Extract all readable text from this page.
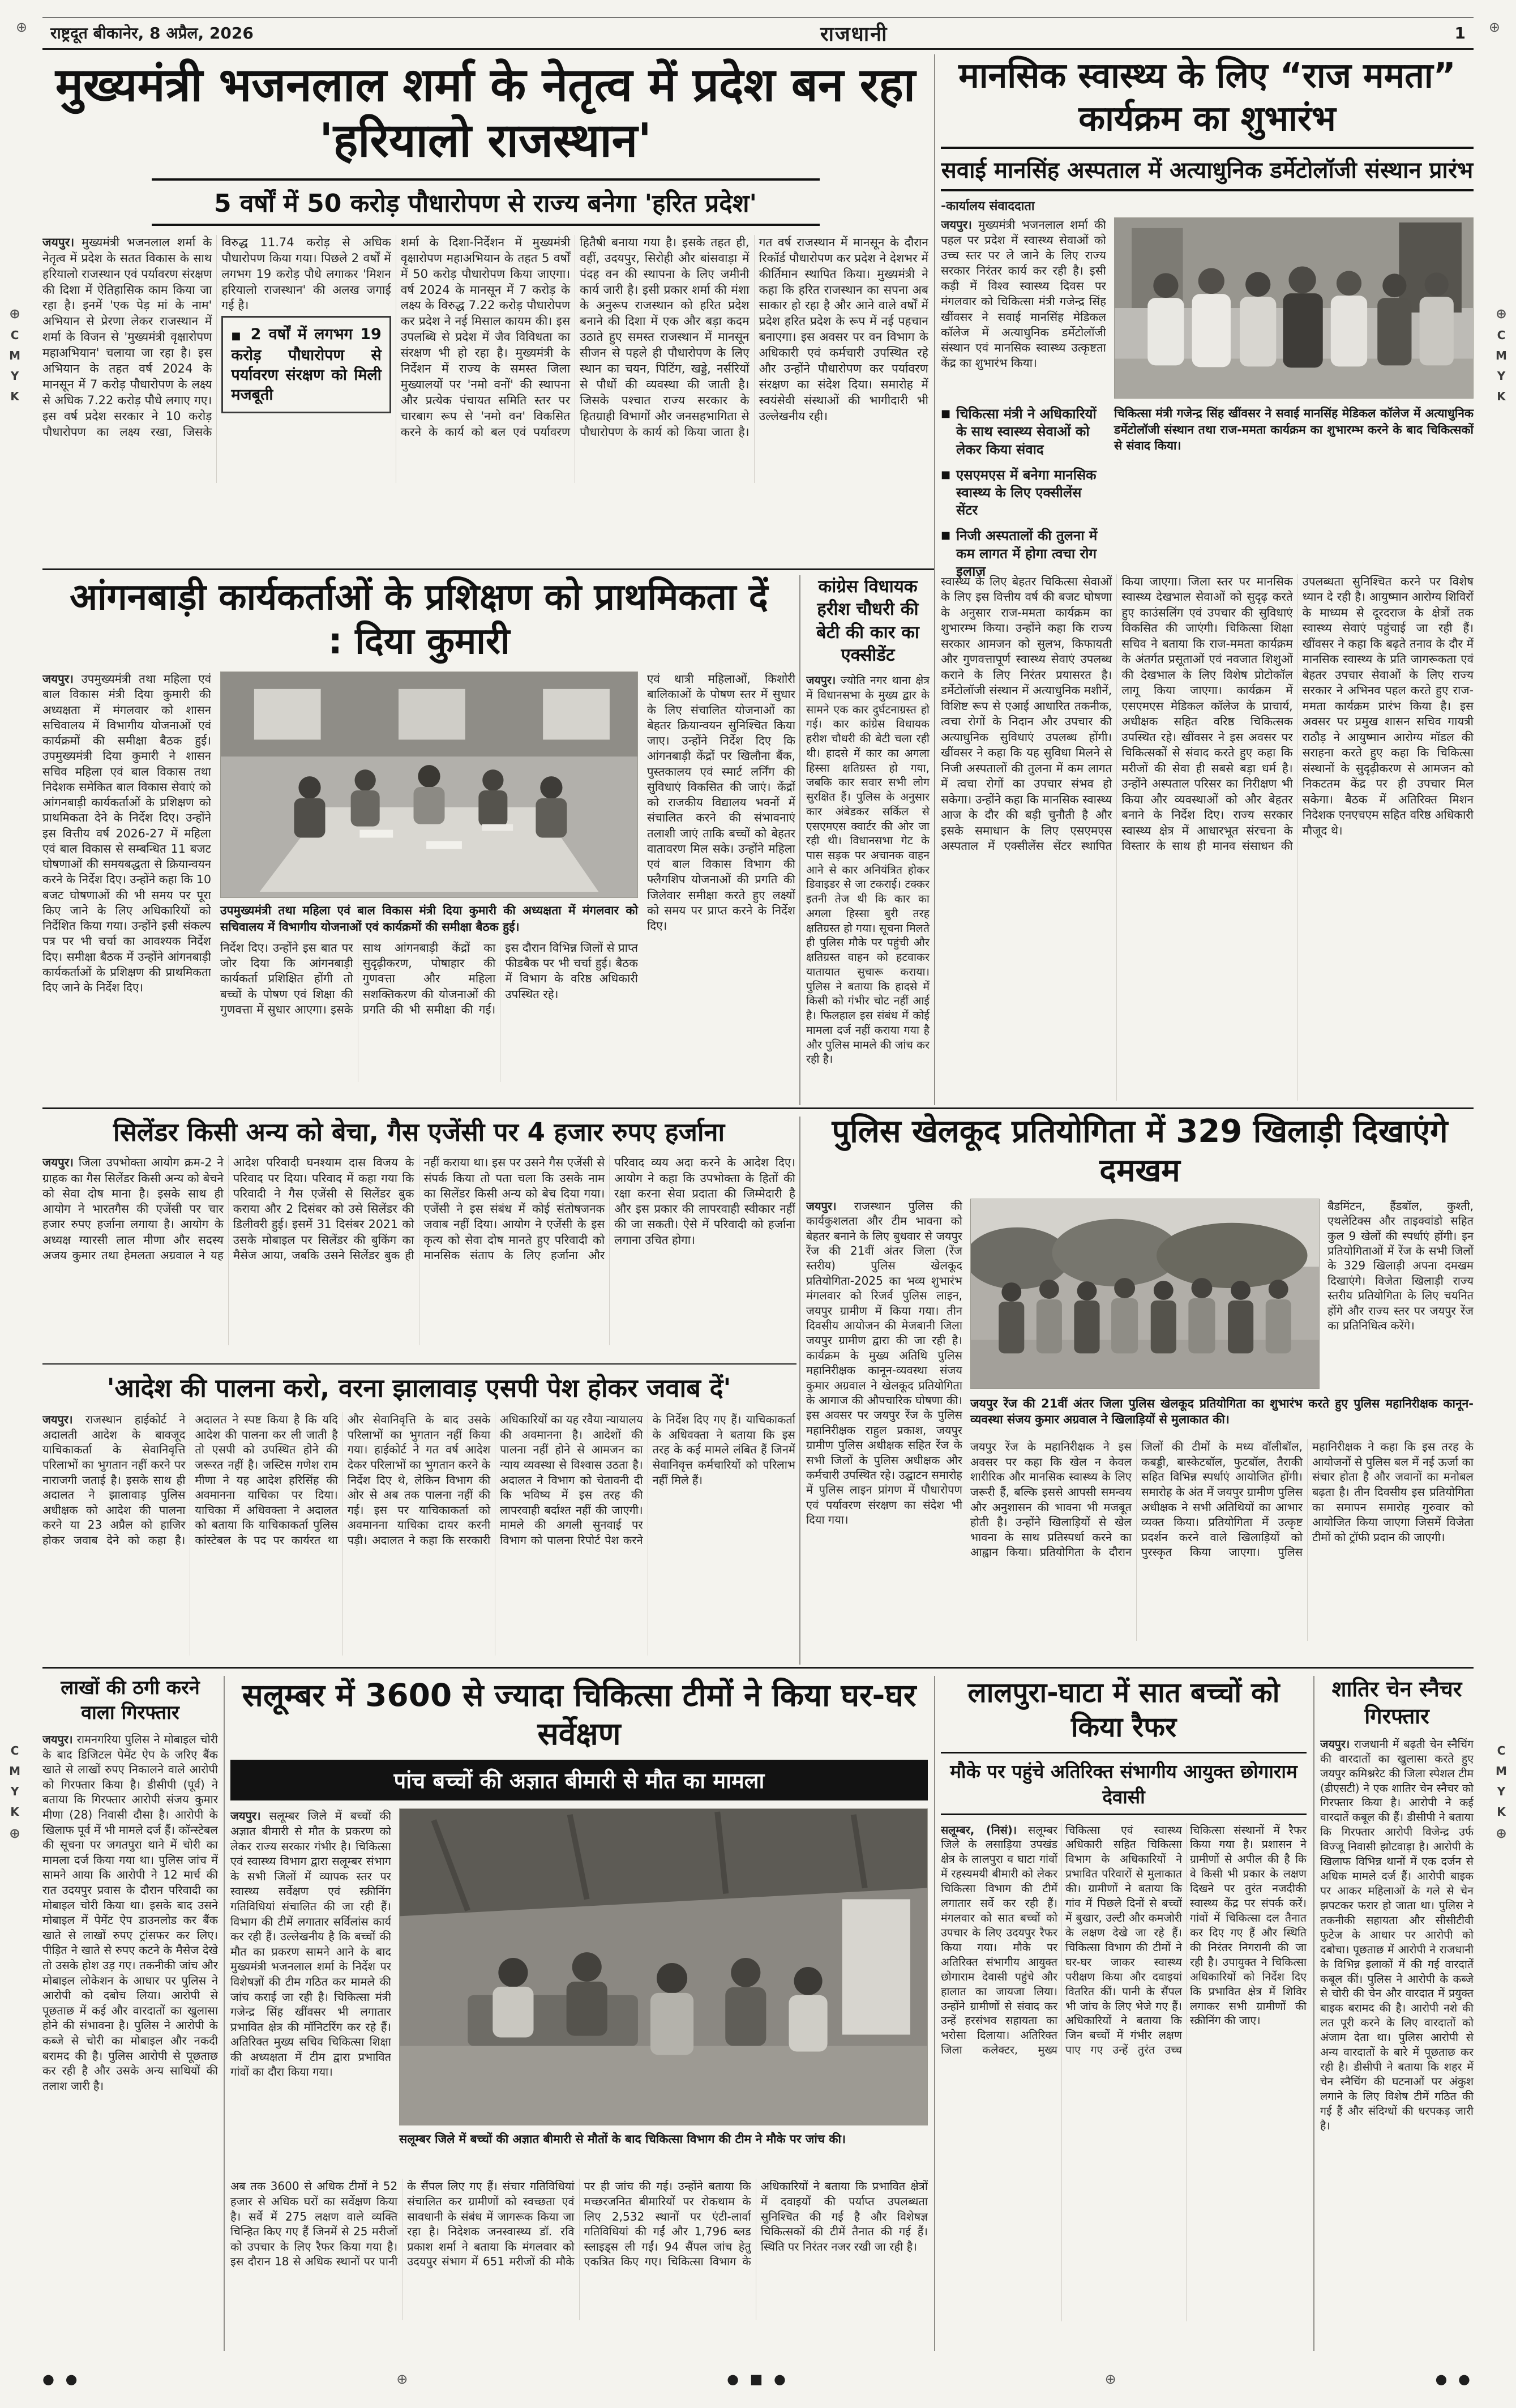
⊕	⊕
राष्ट्रदूत बीकानेर, 8 अप्रैल, 2026	राजधानी	1
मुख्यमंत्री भजनलाल शर्मा के नेतृत्व में प्रदेश बन रहा 'हरियालो राजस्थान'
5 वर्षों में 50 करोड़ पौधारोपण से राज्य बनेगा 'हरित प्रदेश'
जयपुर। मुख्यमंत्री भजनलाल शर्मा के नेतृत्व में प्रदेश के सतत विकास के साथ हरियालो राजस्थान एवं पर्यावरण संरक्षण की दिशा में ऐतिहासिक काम किया जा रहा है। इनमें 'एक पेड़ मां के नाम' अभियान से प्रेरणा लेकर राजस्थान में शर्मा के विजन से 'मुख्यमंत्री वृक्षारोपण महाअभियान' चलाया जा रहा है। इस अभियान के तहत वर्ष 2024 के मानसून में 7 करोड़ पौधारोपण के लक्ष्य से अधिक 7.22 करोड़ पौधे लगाए गए। इस वर्ष प्रदेश सरकार ने 10 करोड़ पौधारोपण का लक्ष्य रखा, जिसके विरुद्ध 11.74 करोड़ से अधिक पौधारोपण किया गया। पिछले 2 वर्षों में लगभग 19 करोड़ पौधे लगाकर 'मिशन हरियालो राजस्थान' की अलख जगाई गई है।
■ 2 वर्षों में लगभग 19 करोड़ पौधारोपण से पर्यावरण संरक्षण को मिली मजबूती
शर्मा के दिशा-निर्देशन में मुख्यमंत्री वृक्षारोपण महाअभियान के तहत 5 वर्षों में 50 करोड़ पौधारोपण किया जाएगा। वर्ष 2024 के मानसून में 7 करोड़ के लक्ष्य के विरुद्ध 7.22 करोड़ पौधारोपण कर प्रदेश ने नई मिसाल कायम की। इस उपलब्धि से प्रदेश में जैव विविधता का संरक्षण भी हो रहा है। मुख्यमंत्री के निर्देशन में राज्य के समस्त जिला मुख्यालयों पर 'नमो वनों' की स्थापना और प्रत्येक पंचायत समिति स्तर पर चारबाग रूप से 'नमो वन' विकसित करने के कार्य को बल एवं पर्यावरण हितैषी बनाया गया है। इसके तहत ही, वहीं, उदयपुर, सिरोही और बांसवाड़ा में पंदह वन की स्थापना के लिए जमीनी कार्य जारी है। इसी प्रकार शर्मा की मंशा के अनुरूप राजस्थान को हरित प्रदेश बनाने की दिशा में एक और बड़ा कदम उठाते हुए समस्त राजस्थान में मानसून सीजन से पहले ही पौधारोपण के लिए स्थान का चयन, पिटिंग, खड्डे, नर्सरियों से पौधों की व्यवस्था की जाती है। जिसके पश्चात राज्य सरकार के हितग्राही विभागों और जनसहभागिता से पौधारोपण के कार्य को किया जाता है। गत वर्ष राजस्थान में मानसून के दौरान रिकॉर्ड पौधारोपण कर प्रदेश ने देशभर में कीर्तिमान स्थापित किया। मुख्यमंत्री ने कहा कि हरित राजस्थान का सपना अब साकार हो रहा है और आने वाले वर्षों में प्रदेश हरित प्रदेश के रूप में नई पहचान बनाएगा। इस अवसर पर वन विभाग के अधिकारी एवं कर्मचारी उपस्थित रहे और उन्होंने पौधारोपण कर पर्यावरण संरक्षण का संदेश दिया। समारोह में स्वयंसेवी संस्थाओं की भागीदारी भी उल्लेखनीय रही।
मानसिक स्वास्थ्य के लिए “राज ममता” कार्यक्रम का शुभारंभ
सवाई मानसिंह अस्पताल में अत्याधुनिक डर्मेटोलॉजी संस्थान प्रारंभ
-कार्यालय संवाददाता
जयपुर। मुख्यमंत्री भजनलाल शर्मा की पहल पर प्रदेश में स्वास्थ्य सेवाओं को उच्च स्तर पर ले जाने के लिए राज्य सरकार निरंतर कार्य कर रही है। इसी कड़ी में विश्व स्वास्थ्य दिवस पर मंगलवार को चिकित्सा मंत्री गजेन्द्र सिंह खींवसर ने सवाई मानसिंह मेडिकल कॉलेज में अत्याधुनिक डर्मेटोलॉजी संस्थान एवं मानसिक स्वास्थ्य उत्कृष्टता केंद्र का शुभारंभ किया।
■ चिकित्सा मंत्री ने अधिकारियों के साथ स्वास्थ्य सेवाओं को लेकर किया संवाद
■ एसएमएस में बनेगा मानसिक स्वास्थ्य के लिए एक्सीलेंस सेंटर
■ निजी अस्पतालों की तुलना में कम लागत में होगा त्वचा रोग इलाज
चिकित्सा मंत्री गजेन्द्र सिंह खींवसर ने सवाई मानसिंह मेडिकल कॉलेज में अत्याधुनिक डर्मेटोलॉजी संस्थान तथा राज-ममता कार्यक्रम का शुभारम्भ करने के बाद चिकित्सकों से संवाद किया।
स्वास्थ्य के लिए बेहतर चिकित्सा सेवाओं के लिए इस वित्तीय वर्ष की बजट घोषणा के अनुसार राज-ममता कार्यक्रम का शुभारम्भ किया। उन्होंने कहा कि राज्य सरकार आमजन को सुलभ, किफायती और गुणवत्तापूर्ण स्वास्थ्य सेवाएं उपलब्ध कराने के लिए निरंतर प्रयासरत है। डर्मेटोलॉजी संस्थान में अत्याधुनिक मशीनें, विशिष्ट रूप से एआई आधारित तकनीक, त्वचा रोगों के निदान और उपचार की अत्याधुनिक सुविधाएं उपलब्ध होंगी। खींवसर ने कहा कि यह सुविधा मिलने से निजी अस्पतालों की तुलना में कम लागत में त्वचा रोगों का उपचार संभव हो सकेगा। उन्होंने कहा कि मानसिक स्वास्थ्य आज के दौर की बड़ी चुनौती है और इसके समाधान के लिए एसएमएस अस्पताल में एक्सीलेंस सेंटर स्थापित किया जाएगा। जिला स्तर पर मानसिक स्वास्थ्य देखभाल सेवाओं को सुदृढ़ करते हुए काउंसलिंग एवं उपचार की सुविधाएं विकसित की जाएंगी। चिकित्सा शिक्षा सचिव ने बताया कि राज-ममता कार्यक्रम के अंतर्गत प्रसूताओं एवं नवजात शिशुओं की देखभाल के लिए विशेष प्रोटोकॉल लागू किया जाएगा। कार्यक्रम में एसएमएस मेडिकल कॉलेज के प्राचार्य, अधीक्षक सहित वरिष्ठ चिकित्सक उपस्थित रहे। खींवसर ने इस अवसर पर चिकित्सकों से संवाद करते हुए कहा कि मरीजों की सेवा ही सबसे बड़ा धर्म है। उन्होंने अस्पताल परिसर का निरीक्षण भी किया और व्यवस्थाओं को और बेहतर बनाने के निर्देश दिए। राज्य सरकार स्वास्थ्य क्षेत्र में आधारभूत संरचना के विस्तार के साथ ही मानव संसाधन की उपलब्धता सुनिश्चित करने पर विशेष ध्यान दे रही है। आयुष्मान आरोग्य शिविरों के माध्यम से दूरदराज के क्षेत्रों तक स्वास्थ्य सेवाएं पहुंचाई जा रही हैं। खींवसर ने कहा कि बढ़ते तनाव के दौर में मानसिक स्वास्थ्य के प्रति जागरूकता एवं बेहतर उपचार सेवाओं के लिए राज्य सरकार ने अभिनव पहल करते हुए राज-ममता कार्यक्रम प्रारंभ किया है। इस अवसर पर प्रमुख शासन सचिव गायत्री राठौड़ ने आयुष्मान आरोग्य मॉडल की सराहना करते हुए कहा कि चिकित्सा संस्थानों के सुदृढ़ीकरण से आमजन को निकटतम केंद्र पर ही उपचार मिल सकेगा। बैठक में अतिरिक्त मिशन निदेशक एनएचएम सहित वरिष्ठ अधिकारी मौजूद थे।
आंगनबाड़ी कार्यकर्ताओं के प्रशिक्षण को प्राथमिकता दें : दिया कुमारी
जयपुर। उपमुख्यमंत्री तथा महिला एवं बाल विकास मंत्री दिया कुमारी की अध्यक्षता में मंगलवार को शासन सचिवालय में विभागीय योजनाओं एवं कार्यक्रमों की समीक्षा बैठक हुई। उपमुख्यमंत्री दिया कुमारी ने शासन सचिव महिला एवं बाल विकास तथा निदेशक समेकित बाल विकास सेवाएं को आंगनबाड़ी कार्यकर्ताओं के प्रशिक्षण को प्राथमिकता देने के निर्देश दिए। उन्होंने इस वित्तीय वर्ष 2026-27 में महिला एवं बाल विकास से सम्बन्धित 11 बजट घोषणाओं की समयबद्धता से क्रियान्वयन करने के निर्देश दिए। उन्होंने कहा कि 10 बजट घोषणाओं की भी समय पर पूरा किए जाने के लिए अधिकारियों को निर्देशित किया गया। उन्होंने इसी संकल्प पत्र पर भी चर्चा का आवश्यक निर्देश दिए। समीक्षा बैठक में उन्होंने आंगनबाड़ी कार्यकर्ताओं के प्रशिक्षण की प्राथमिकता दिए जाने के निर्देश दिए।
उपमुख्यमंत्री तथा महिला एवं बाल विकास मंत्री दिया कुमारी की अध्यक्षता में मंगलवार को सचिवालय में विभागीय योजनाओं एवं कार्यक्रमों की समीक्षा बैठक हुई।
निर्देश दिए। उन्होंने इस बात पर जोर दिया कि आंगनबाड़ी कार्यकर्ता प्रशिक्षित होंगी तो बच्चों के पोषण एवं शिक्षा की गुणवत्ता में सुधार आएगा। इसके साथ आंगनबाड़ी केंद्रों का सुदृढ़ीकरण, पोषाहार की गुणवत्ता और महिला सशक्तिकरण की योजनाओं की प्रगति की भी समीक्षा की गई। इस दौरान विभिन्न जिलों से प्राप्त फीडबैक पर भी चर्चा हुई। बैठक में विभाग के वरिष्ठ अधिकारी उपस्थित रहे।
एवं धात्री महिलाओं, किशोरी बालिकाओं के पोषण स्तर में सुधार के लिए संचालित योजनाओं का बेहतर क्रियान्वयन सुनिश्चित किया जाए। उन्होंने निर्देश दिए कि आंगनबाड़ी केंद्रों पर खिलौना बैंक, पुस्तकालय एवं स्मार्ट लर्निंग की सुविधाएं विकसित की जाएं। केंद्रों को राजकीय विद्यालय भवनों में संचालित करने की संभावनाएं तलाशी जाएं ताकि बच्चों को बेहतर वातावरण मिल सके। उन्होंने महिला एवं बाल विकास विभाग की फ्लैगशिप योजनाओं की प्रगति की जिलेवार समीक्षा करते हुए लक्ष्यों को समय पर प्राप्त करने के निर्देश दिए।
कांग्रेस विधायक हरीश चौधरी की बेटी की कार का एक्सीडेंट
जयपुर। ज्योति नगर थाना क्षेत्र में विधानसभा के मुख्य द्वार के सामने एक कार दुर्घटनाग्रस्त हो गई। कार कांग्रेस विधायक हरीश चौधरी की बेटी चला रही थी। हादसे में कार का अगला हिस्सा क्षतिग्रस्त हो गया, जबकि कार सवार सभी लोग सुरक्षित हैं। पुलिस के अनुसार कार अंबेडकर सर्किल से एसएमएस क्वार्टर की ओर जा रही थी। विधानसभा गेट के पास सड़क पर अचानक वाहन आने से कार अनियंत्रित होकर डिवाइडर से जा टकराई। टक्कर इतनी तेज थी कि कार का अगला हिस्सा बुरी तरह क्षतिग्रस्त हो गया। सूचना मिलते ही पुलिस मौके पर पहुंची और क्षतिग्रस्त वाहन को हटवाकर यातायात सुचारू कराया। पुलिस ने बताया कि हादसे में किसी को गंभीर चोट नहीं आई है। फिलहाल इस संबंध में कोई मामला दर्ज नहीं कराया गया है और पुलिस मामले की जांच कर रही है।
सिलेंडर किसी अन्य को बेचा, गैस एजेंसी पर 4 हजार रुपए हर्जाना
जयपुर। जिला उपभोक्ता आयोग क्रम-2 ने ग्राहक का गैस सिलेंडर किसी अन्य को बेचने को सेवा दोष माना है। इसके साथ ही आयोग ने भारतगैस की एजेंसी पर चार हजार रुपए हर्जाना लगाया है। आयोग के अध्यक्ष ग्यारसी लाल मीणा और सदस्य अजय कुमार तथा हेमलता अग्रवाल ने यह आदेश परिवादी घनश्याम दास विजय के परिवाद पर दिया। परिवाद में कहा गया कि परिवादी ने गैस एजेंसी से सिलेंडर बुक कराया और 2 दिसंबर को उसे सिलेंडर की डिलीवरी हुई। इसमें 31 दिसंबर 2021 को उसके मोबाइल पर सिलेंडर की बुकिंग का मैसेज आया, जबकि उसने सिलेंडर बुक ही नहीं कराया था। इस पर उसने गैस एजेंसी से संपर्क किया तो पता चला कि उसके नाम का सिलेंडर किसी अन्य को बेच दिया गया। एजेंसी ने इस संबंध में कोई संतोषजनक जवाब नहीं दिया। आयोग ने एजेंसी के इस कृत्य को सेवा दोष मानते हुए परिवादी को मानसिक संताप के लिए हर्जाना और परिवाद व्यय अदा करने के आदेश दिए। आयोग ने कहा कि उपभोक्ता के हितों की रक्षा करना सेवा प्रदाता की जिम्मेदारी है और इस प्रकार की लापरवाही स्वीकार नहीं की जा सकती। ऐसे में परिवादी को हर्जाना लगाना उचित होगा।
'आदेश की पालना करो, वरना झालावाड़ एसपी पेश होकर जवाब दें'
जयपुर। राजस्थान हाईकोर्ट ने अदालती आदेश के बावजूद याचिकाकर्ता के सेवानिवृत्ति परिलाभों का भुगतान नहीं करने पर नाराजगी जताई है। इसके साथ ही अदालत ने झालावाड़ पुलिस अधीक्षक को आदेश की पालना करने या 23 अप्रैल को हाजिर होकर जवाब देने को कहा है। अदालत ने स्पष्ट किया है कि यदि आदेश की पालना कर ली जाती है तो एसपी को उपस्थित होने की जरूरत नहीं है। जस्टिस गणेश राम मीणा ने यह आदेश हरिसिंह की अवमानना याचिका पर दिया। याचिका में अधिवक्ता ने अदालत को बताया कि याचिकाकर्ता पुलिस कांस्टेबल के पद पर कार्यरत था और सेवानिवृत्ति के बाद उसके परिलाभों का भुगतान नहीं किया गया। हाईकोर्ट ने गत वर्ष आदेश देकर परिलाभों का भुगतान करने के निर्देश दिए थे, लेकिन विभाग की ओर से अब तक पालना नहीं की गई। इस पर याचिकाकर्ता को अवमानना याचिका दायर करनी पड़ी। अदालत ने कहा कि सरकारी अधिकारियों का यह रवैया न्यायालय की अवमानना है। आदेशों की पालना नहीं होने से आमजन का न्याय व्यवस्था से विश्वास उठता है। अदालत ने विभाग को चेतावनी दी कि भविष्य में इस तरह की लापरवाही बर्दाश्त नहीं की जाएगी। मामले की अगली सुनवाई पर विभाग को पालना रिपोर्ट पेश करने के निर्देश दिए गए हैं। याचिकाकर्ता के अधिवक्ता ने बताया कि इस तरह के कई मामले लंबित हैं जिनमें सेवानिवृत्त कर्मचारियों को परिलाभ नहीं मिले हैं।
पुलिस खेलकूद प्रतियोगिता में 329 खिलाड़ी दिखाएंगे दमखम
जयपुर। राजस्थान पुलिस की कार्यकुशलता और टीम भावना को बेहतर बनाने के लिए बुधवार से जयपुर रेंज की 21वीं अंतर जिला (रेंज स्तरीय) पुलिस खेलकूद प्रतियोगिता-2025 का भव्य शुभारंभ मंगलवार को रिजर्व पुलिस लाइन, जयपुर ग्रामीण में किया गया। तीन दिवसीय आयोजन की मेजबानी जिला जयपुर ग्रामीण द्वारा की जा रही है। कार्यक्रम के मुख्य अतिथि पुलिस महानिरीक्षक कानून-व्यवस्था संजय कुमार अग्रवाल ने खेलकूद प्रतियोगिता के आगाज की औपचारिक घोषणा की। इस अवसर पर जयपुर रेंज के पुलिस महानिरीक्षक राहुल प्रकाश, जयपुर ग्रामीण पुलिस अधीक्षक सहित रेंज के सभी जिलों के पुलिस अधीक्षक और कर्मचारी उपस्थित रहे। उद्घाटन समारोह में पुलिस लाइन प्रांगण में पौधारोपण एवं पर्यावरण संरक्षण का संदेश भी दिया गया।
बैडमिंटन, हैंडबॉल, कुश्ती, एथलेटिक्स और ताइक्वांडो सहित कुल 9 खेलों की स्पर्धाएं होंगी। इन प्रतियोगिताओं में रेंज के सभी जिलों के 329 खिलाड़ी अपना दमखम दिखाएंगे। विजेता खिलाड़ी राज्य स्तरीय प्रतियोगिता के लिए चयनित होंगे और राज्य स्तर पर जयपुर रेंज का प्रतिनिधित्व करेंगे।
जयपुर रेंज की 21वीं अंतर जिला पुलिस खेलकूद प्रतियोगिता का शुभारंभ करते हुए पुलिस महानिरीक्षक कानून-व्यवस्था संजय कुमार अग्रवाल ने खिलाड़ियों से मुलाकात की।
जयपुर रेंज के महानिरीक्षक ने इस अवसर पर कहा कि खेल न केवल शारीरिक और मानसिक स्वास्थ्य के लिए जरूरी हैं, बल्कि इससे आपसी समन्वय और अनुशासन की भावना भी मजबूत होती है। उन्होंने खिलाड़ियों से खेल भावना के साथ प्रतिस्पर्धा करने का आह्वान किया। प्रतियोगिता के दौरान जिलों की टीमों के मध्य वॉलीबॉल, कबड्डी, बास्केटबॉल, फुटबॉल, तैराकी सहित विभिन्न स्पर्धाएं आयोजित होंगी। समारोह के अंत में जयपुर ग्रामीण पुलिस अधीक्षक ने सभी अतिथियों का आभार व्यक्त किया। प्रतियोगिता में उत्कृष्ट प्रदर्शन करने वाले खिलाड़ियों को पुरस्कृत किया जाएगा। पुलिस महानिरीक्षक ने कहा कि इस तरह के आयोजनों से पुलिस बल में नई ऊर्जा का संचार होता है और जवानों का मनोबल बढ़ता है। तीन दिवसीय इस प्रतियोगिता का समापन समारोह गुरुवार को आयोजित किया जाएगा जिसमें विजेता टीमों को ट्रॉफी प्रदान की जाएगी।
लाखों की ठगी करने वाला गिरफ्तार
जयपुर। रामनगरिया पुलिस ने मोबाइल चोरी के बाद डिजिटल पेमेंट ऐप के जरिए बैंक खाते से लाखों रुपए निकालने वाले आरोपी को गिरफ्तार किया है। डीसीपी (पूर्व) ने बताया कि गिरफ्तार आरोपी संजय कुमार मीणा (28) निवासी दौसा है। आरोपी के खिलाफ पूर्व में भी मामले दर्ज हैं। कॉन्स्टेबल की सूचना पर जगतपुरा थाने में चोरी का मामला दर्ज किया गया था। पुलिस जांच में सामने आया कि आरोपी ने 12 मार्च की रात उदयपुर प्रवास के दौरान परिवादी का मोबाइल चोरी किया था। इसके बाद उसने मोबाइल में पेमेंट ऐप डाउनलोड कर बैंक खाते से लाखों रुपए ट्रांसफर कर लिए। पीड़ित ने खाते से रुपए कटने के मैसेज देखे तो उसके होश उड़ गए। तकनीकी जांच और मोबाइल लोकेशन के आधार पर पुलिस ने आरोपी को दबोच लिया। आरोपी से पूछताछ में कई और वारदातों का खुलासा होने की संभावना है। पुलिस ने आरोपी के कब्जे से चोरी का मोबाइल और नकदी बरामद की है। पुलिस आरोपी से पूछताछ कर रही है और उसके अन्य साथियों की तलाश जारी है।
सलूम्बर में 3600 से ज्यादा चिकित्सा टीमों ने किया घर-घर सर्वेक्षण
पांच बच्चों की अज्ञात बीमारी से मौत का मामला
जयपुर। सलूम्बर जिले में बच्चों की अज्ञात बीमारी से मौत के प्रकरण को लेकर राज्य सरकार गंभीर है। चिकित्सा एवं स्वास्थ्य विभाग द्वारा सलूम्बर संभाग के सभी जिलों में व्यापक स्तर पर स्वास्थ्य सर्वेक्षण एवं स्क्रीनिंग गतिविधियां संचालित की जा रही हैं। विभाग की टीमें लगातार सर्विलांस कार्य कर रही हैं। उल्लेखनीय है कि बच्चों की मौत का प्रकरण सामने आने के बाद मुख्यमंत्री भजनलाल शर्मा के निर्देश पर विशेषज्ञों की टीम गठित कर मामले की जांच कराई जा रही है। चिकित्सा मंत्री गजेन्द्र सिंह खींवसर भी लगातार प्रभावित क्षेत्र की मॉनिटरिंग कर रहे हैं। अतिरिक्त मुख्य सचिव चिकित्सा शिक्षा की अध्यक्षता में टीम द्वारा प्रभावित गांवों का दौरा किया गया।
सलूम्बर जिले में बच्चों की अज्ञात बीमारी से मौतों के बाद चिकित्सा विभाग की टीम ने मौके पर जांच की।
अब तक 3600 से अधिक टीमों ने 52 हजार से अधिक घरों का सर्वेक्षण किया है। सर्वे में 275 लक्षण वाले व्यक्ति चिन्हित किए गए हैं जिनमें से 25 मरीजों को उपचार के लिए रैफर किया गया है। इस दौरान 18 से अधिक स्थानों पर पानी के सैंपल लिए गए हैं। संचार गतिविधियां संचालित कर ग्रामीणों को स्वच्छता एवं सावधानी के संबंध में जागरूक किया जा रहा है। निदेशक जनस्वास्थ्य डॉ. रवि प्रकाश शर्मा ने बताया कि मंगलवार को उदयपुर संभाग में 651 मरीजों की मौके पर ही जांच की गई। उन्होंने बताया कि मच्छरजनित बीमारियों पर रोकथाम के लिए 2,532 स्थानों पर एंटी-लार्वा गतिविधियां की गईं और 1,796 ब्लड स्लाइड्स ली गईं। 94 सैंपल जांच हेतु एकत्रित किए गए। चिकित्सा विभाग के अधिकारियों ने बताया कि प्रभावित क्षेत्रों में दवाइयों की पर्याप्त उपलब्धता सुनिश्चित की गई है और विशेषज्ञ चिकित्सकों की टीमें तैनात की गई हैं। स्थिति पर निरंतर नजर रखी जा रही है।
लालपुरा-घाटा में सात बच्चों को किया रैफर
मौके पर पहुंचे अतिरिक्त संभागीय आयुक्त छोगाराम देवासी
सलूम्बर, (निसं)। सलूम्बर जिले के लसाड़िया उपखंड क्षेत्र के लालपुरा व घाटा गांवों में रहस्यमयी बीमारी को लेकर चिकित्सा विभाग की टीमें लगातार सर्वे कर रही हैं। मंगलवार को सात बच्चों को उपचार के लिए उदयपुर रैफर किया गया। मौके पर अतिरिक्त संभागीय आयुक्त छोगाराम देवासी पहुंचे और हालात का जायजा लिया। उन्होंने ग्रामीणों से संवाद कर उन्हें हरसंभव सहायता का भरोसा दिलाया। अतिरिक्त जिला कलेक्टर, मुख्य चिकित्सा एवं स्वास्थ्य अधिकारी सहित चिकित्सा विभाग के अधिकारियों ने प्रभावित परिवारों से मुलाकात की। ग्रामीणों ने बताया कि गांव में पिछले दिनों से बच्चों में बुखार, उल्टी और कमजोरी के लक्षण देखे जा रहे हैं। चिकित्सा विभाग की टीमों ने घर-घर जाकर स्वास्थ्य परीक्षण किया और दवाइयां वितरित कीं। पानी के सैंपल भी जांच के लिए भेजे गए हैं। अधिकारियों ने बताया कि जिन बच्चों में गंभीर लक्षण पाए गए उन्हें तुरंत उच्च चिकित्सा संस्थानों में रैफर किया गया है। प्रशासन ने ग्रामीणों से अपील की है कि वे किसी भी प्रकार के लक्षण दिखने पर तुरंत नजदीकी स्वास्थ्य केंद्र पर संपर्क करें। गांवों में चिकित्सा दल तैनात कर दिए गए हैं और स्थिति की निरंतर निगरानी की जा रही है। उपायुक्त ने चिकित्सा अधिकारियों को निर्देश दिए कि प्रभावित क्षेत्र में शिविर लगाकर सभी ग्रामीणों की स्क्रीनिंग की जाए।
शातिर चेन स्नैचर गिरफ्तार
जयपुर। राजधानी में बढ़ती चेन स्नैचिंग की वारदातों का खुलासा करते हुए जयपुर कमिश्नरेट की जिला स्पेशल टीम (डीएसटी) ने एक शातिर चेन स्नैचर को गिरफ्तार किया है। आरोपी ने कई वारदातें कबूल की हैं। डीसीपी ने बताया कि गिरफ्तार आरोपी विजेन्द्र उर्फ विज्जू निवासी झोटवाड़ा है। आरोपी के खिलाफ विभिन्न थानों में एक दर्जन से अधिक मामले दर्ज हैं। आरोपी बाइक पर आकर महिलाओं के गले से चेन झपटकर फरार हो जाता था। पुलिस ने तकनीकी सहायता और सीसीटीवी फुटेज के आधार पर आरोपी को दबोचा। पूछताछ में आरोपी ने राजधानी के विभिन्न इलाकों में की गई वारदातें कबूल कीं। पुलिस ने आरोपी के कब्जे से चोरी की चेन और वारदात में प्रयुक्त बाइक बरामद की है। आरोपी नशे की लत पूरी करने के लिए वारदातों को अंजाम देता था। पुलिस आरोपी से अन्य वारदातों के बारे में पूछताछ कर रही है। डीसीपी ने बताया कि शहर में चेन स्नैचिंग की घटनाओं पर अंकुश लगाने के लिए विशेष टीमें गठित की गई हैं और संदिग्धों की धरपकड़ जारी है।
⊕
C
M
Y
K
⊕
C
M
Y
K
C
M
Y
K
⊕
C
M
Y
K
⊕
● ●	⊕	● ■ ●	⊕	● ●
